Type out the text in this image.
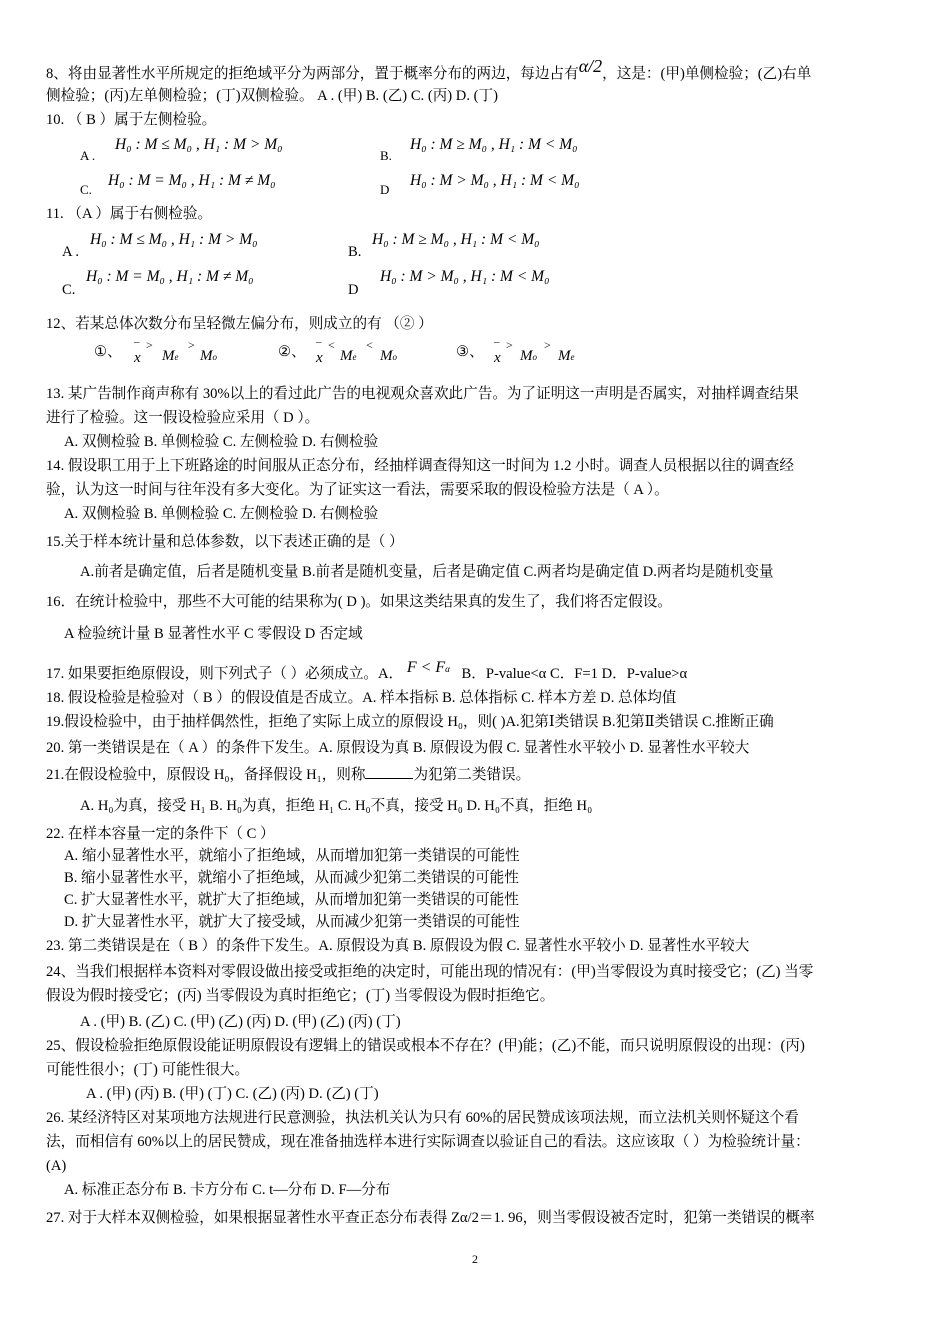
8、将由显著性水平所规定的拒绝域平分为两部分，置于概率分布的两边，每边占有α/2，这是：(甲)单侧检验；(乙)右单
侧检验；(丙)左单侧检验；(丁)双侧检验。 A . (甲) B. (乙) C. (丙) D. (丁)
10. （ B ）属于左侧检验。
A .
H₀ : M ≤ M₀ , H₁ : M > M₀
B.
H₀ : M ≥ M₀ , H₁ : M < M₀
C.
H₀ : M = M₀ , H₁ : M ≠ M₀
D
H₀ : M > M₀ , H₁ : M < M₀
11. （A ）属于右侧检验。
A .
H₀ : M ≤ M₀ , H₁ : M > M₀
B.
H₀ : M ≥ M₀ , H₁ : M < M₀
C.
H₀ : M = M₀ , H₁ : M ≠ M₀
D
H₀ : M > M₀ , H₁ : M < M₀
12、若某总体次数分布呈轻微左偏分布，则成立的有 （② ）
①、
–
x
>
Me
>
Mo	②、
–
x
<
Me
<
Mo	③、
–
x
>
Mo
>
Me
13. 某广告制作商声称有 30%以上的看过此广告的电视观众喜欢此广告。为了证明这一声明是否属实，对抽样调查结果
进行了检验。这一假设检验应采用（ D ）。
A. 双侧检验 B. 单侧检验 C. 左侧检验 D. 右侧检验
14. 假设职工用于上下班路途的时间服从正态分布，经抽样调查得知这一时间为 1.2 小时。调查人员根据以往的调查经
验，认为这一时间与往年没有多大变化。为了证实这一看法，需要采取的假设检验方法是（ A ）。
A. 双侧检验 B. 单侧检验 C. 左侧检验 D. 右侧检验
15.关于样本统计量和总体参数，以下表述正确的是（ ）
A.前者是确定值，后者是随机变量 B.前者是随机变量，后者是确定值 C.两者均是确定值 D.两者均是随机变量
16．在统计检验中，那些不大可能的结果称为( D )。如果这类结果真的发生了，我们将否定假设。
A 检验统计量 B 显著性水平 C 零假设 D 否定域
17. 如果要拒绝原假设，则下列式子（ ）必须成立。A． F < Fα B．P-value<α C．F=1 D．P-value>α
18. 假设检验是检验对（ B ）的假设值是否成立。A. 样本指标 B. 总体指标 C. 样本方差 D. 总体均值
19.假设检验中，由于抽样偶然性，拒绝了实际上成立的原假设 H₀，则( )A.犯第Ⅰ类错误 B.犯第Ⅱ类错误 C.推断正确
20. 第一类错误是在（ A ）的条件下发生。A. 原假设为真 B. 原假设为假 C. 显著性水平较小 D. 显著性水平较大
21.在假设检验中，原假设 H₀，备择假设 H₁，则称	为犯第二类错误。
A. H₀为真，接受 H₁ B. H₀为真，拒绝 H₁ C. H₀不真，接受 H₀ D. H₀不真，拒绝 H₀
22. 在样本容量一定的条件下（ C ）
A. 缩小显著性水平，就缩小了拒绝域，从而增加犯第一类错误的可能性
B. 缩小显著性水平，就缩小了拒绝域，从而减少犯第二类错误的可能性
C. 扩大显著性水平，就扩大了拒绝域，从而增加犯第一类错误的可能性
D. 扩大显著性水平，就扩大了接受域，从而减少犯第一类错误的可能性
23. 第二类错误是在（ B ）的条件下发生。A. 原假设为真 B. 原假设为假 C. 显著性水平较小 D. 显著性水平较大
24、当我们根据样本资料对零假设做出接受或拒绝的决定时，可能出现的情况有：(甲)当零假设为真时接受它；(乙) 当零
假设为假时接受它；(丙) 当零假设为真时拒绝它；(丁) 当零假设为假时拒绝它。
A . (甲) B. (乙) C. (甲) (乙) (丙) D. (甲) (乙) (丙) (丁)
25、假设检验拒绝原假设能证明原假设有逻辑上的错误或根本不存在？(甲)能；(乙)不能，而只说明原假设的出现：(丙)
可能性很小；(丁) 可能性很大。
A . (甲) (丙) B. (甲) (丁) C. (乙) (丙) D. (乙) (丁)
26. 某经济特区对某项地方法规进行民意测验，执法机关认为只有 60%的居民赞成该项法规，而立法机关则怀疑这个看
法，而相信有 60%以上的居民赞成，现在准备抽选样本进行实际调查以验证自己的看法。这应该取（ ）为检验统计量：
(A)
A. 标准正态分布 B. 卡方分布 C. t—分布 D. F—分布
27. 对于大样本双侧检验，如果根据显著性水平查正态分布表得 Zα/2＝1. 96，则当零假设被否定时，犯第一类错误的概率
2
